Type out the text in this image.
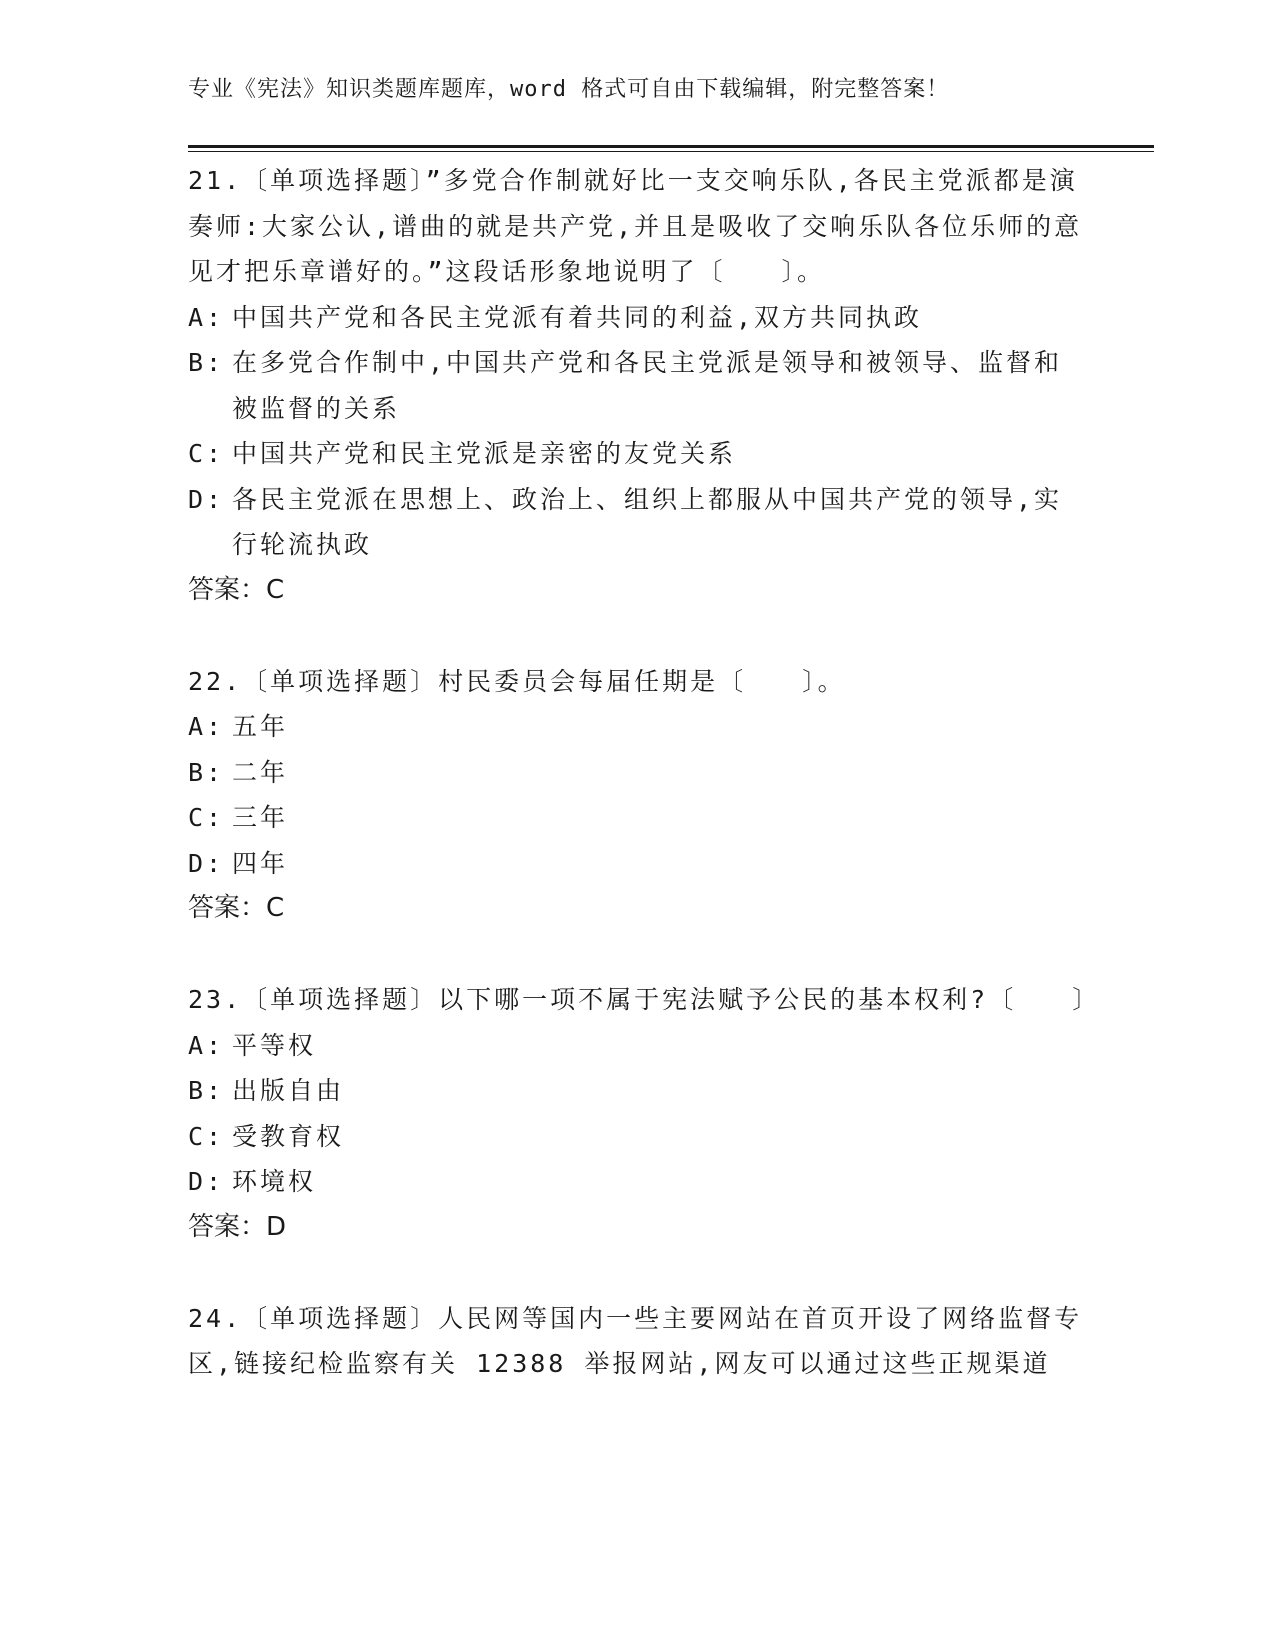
专业《宪法》知识类题库题库，word 格式可自由下载编辑，附完整答案！

21.〔单项选择题〕”多党合作制就好比一支交响乐队,各民主党派都是演奏师:大家公认,谱曲的就是共产党,并且是吸收了交响乐队各位乐师的意见才把乐章谱好的。”这段话形象地说明了〔　　〕。

A: 中国共产党和各民主党派有着共同的利益,双方共同执政
B: 在多党合作制中,中国共产党和各民主党派是领导和被领导、监督和被监督的关系
C: 中国共产党和民主党派是亲密的友党关系
D: 各民主党派在思想上、政治上、组织上都服从中国共产党的领导,实行轮流执政

答案：C

22.〔单项选择题〕村民委员会每届任期是〔　　〕。

A: 五年
B: 二年
C: 三年
D: 四年

答案：C

23.〔单项选择题〕以下哪一项不属于宪法赋予公民的基本权利?〔　　〕

A: 平等权
B: 出版自由
C: 受教育权
D: 环境权

答案：D

24.〔单项选择题〕人民网等国内一些主要网站在首页开设了网络监督专区,链接纪检监察有关 12388 举报网站,网友可以通过这些正规渠道
